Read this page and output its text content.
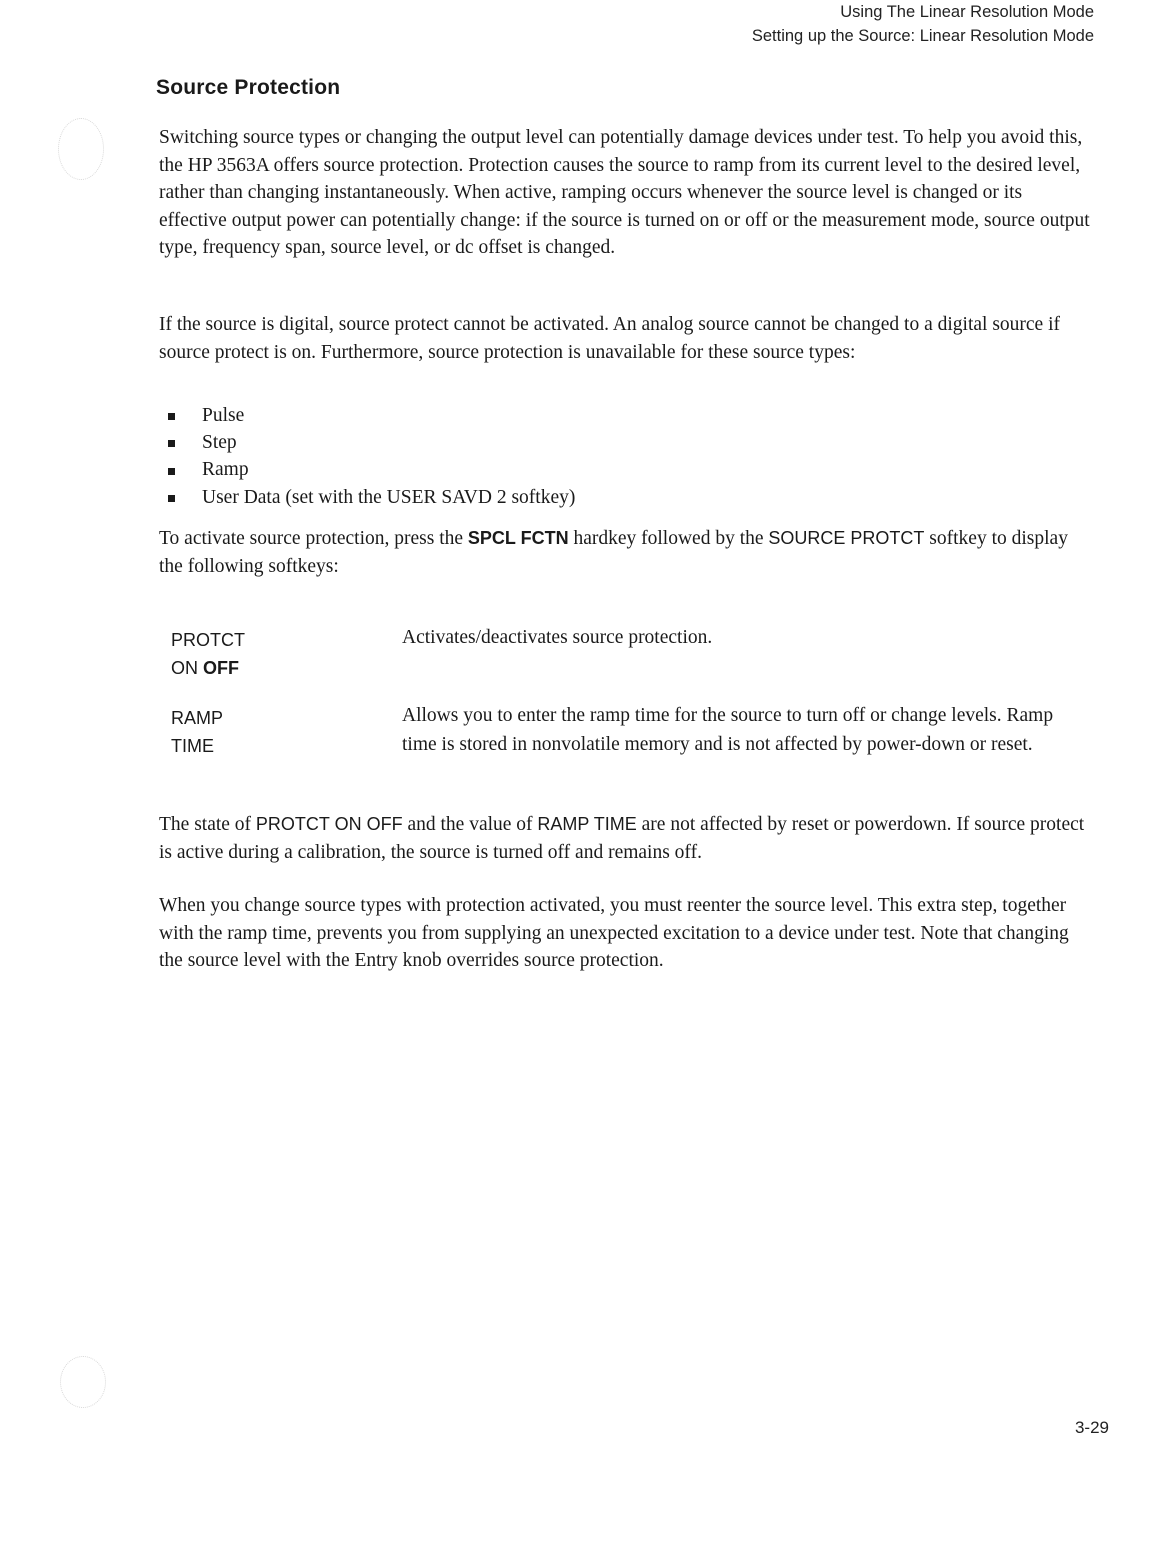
Using The Linear Resolution Mode
Setting up the Source: Linear Resolution Mode
Source Protection

Switching source types or changing the output level can potentially damage devices under test. To help you avoid this, the HP 3563A offers source protection. Protection causes the source to ramp from its current level to the desired level, rather than changing instantaneously. When active, ramping occurs whenever the source level is changed or its effective output power can potentially change: if the source is turned on or off or the measurement mode, source output type, frequency span, source level, or dc offset is changed.

If the source is digital, source protect cannot be activated. An analog source cannot be changed to a digital source if source protect is on. Furthermore, source protection is unavailable for these source types:

Pulse
Step
Ramp
User Data (set with the USER SAVD 2 softkey)

To activate source protection, press the SPCL FCTN hardkey followed by the SOURCE PROTCT softkey to display the following softkeys:

PROTCT
ON OFF
Activates/deactivates source protection.
RAMP
TIME
Allows you to enter the ramp time for the source to turn off or change levels. Ramp time is stored in nonvolatile memory and is not affected by power-down or reset.

The state of PROTCT ON OFF and the value of RAMP TIME are not affected by reset or powerdown. If source protect is active during a calibration, the source is turned off and remains off.

When you change source types with protection activated, you must reenter the source level. This extra step, together with the ramp time, prevents you from supplying an unexpected excitation to a device under test. Note that changing the source level with the Entry knob overrides source protection.

3-29
